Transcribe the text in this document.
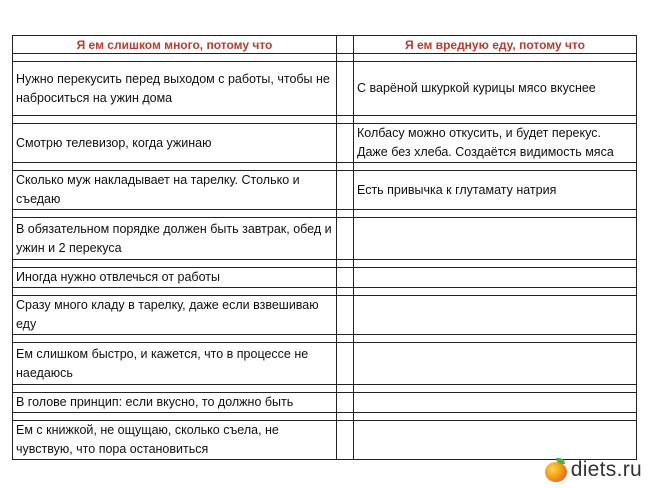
Я ем слишком много, потому что		Я ем вредную еду, потому что

Нужно перекусить перед выходом с работы, чтобы не наброситься на ужин дома		С варёной шкуркой курицы мясо вкуснее

Смотрю телевизор, когда ужинаю		Колбасу можно откусить, и будет перекус. Даже без хлеба. Создаётся видимость мяса

Сколько муж накладывает на тарелку. Столько и съедаю		Есть привычка к глутамату натрия

В обязательном порядке должен быть завтрак, обед и ужин и 2 перекуса		

Иногда нужно отвлечься от работы		

Сразу много кладу в тарелку, даже если взвешиваю еду		

Ем слишком быстро, и кажется, что в процессе не наедаюсь		

В голове принцип: если вкусно, то должно быть		

Ем с книжкой, не ощущаю, сколько съела, не чувствую, что пора остановиться		
diets.ru
